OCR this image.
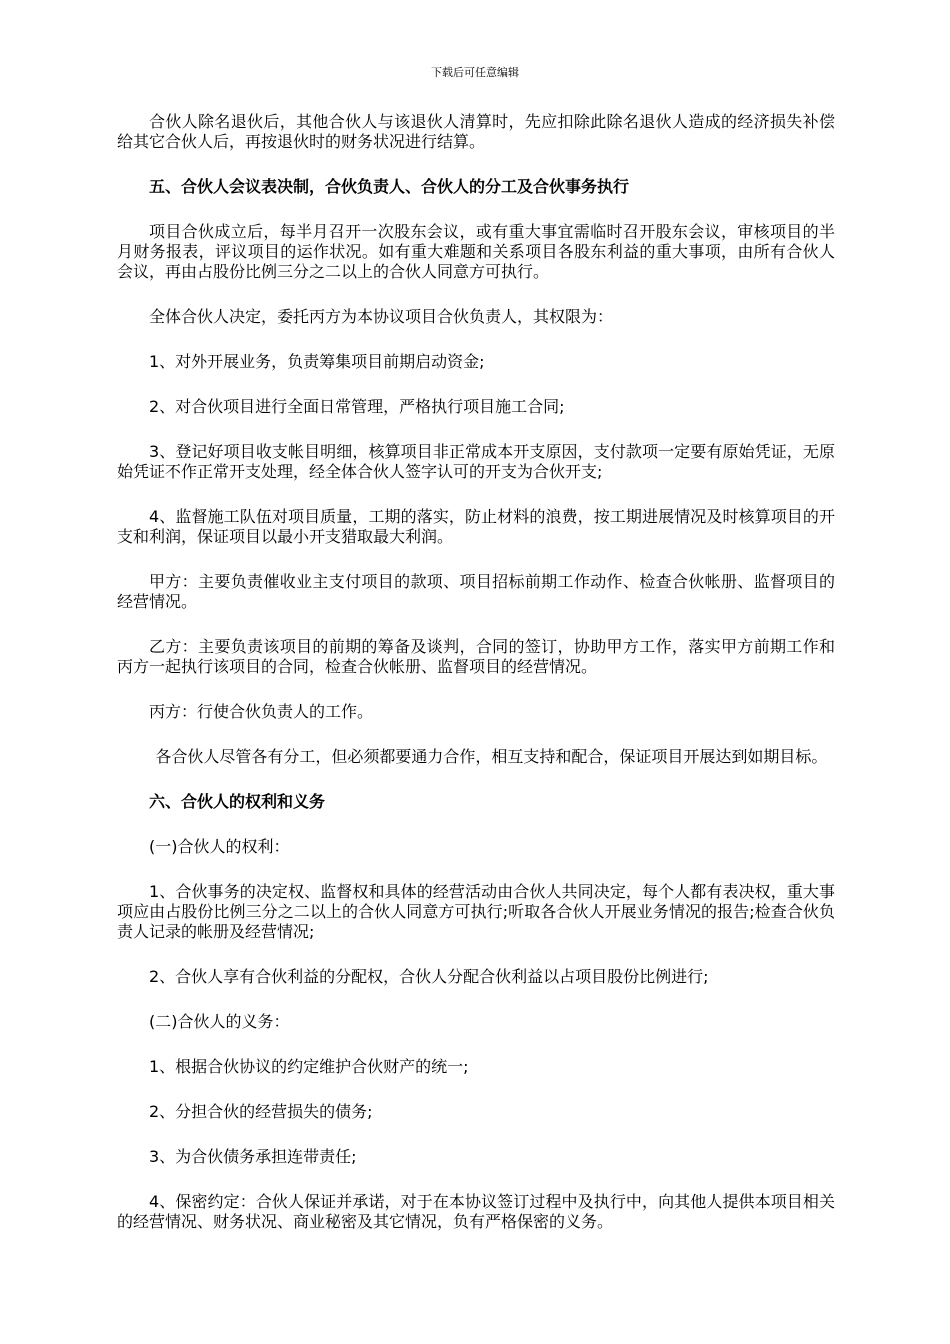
下载后可任意编辑

合伙人除名退伙后，其他合伙人与该退伙人清算时，先应扣除此除名退伙人造成的经济损失补偿给其它合伙人后，再按退伙时的财务状况进行结算。

五、合伙人会议表决制，合伙负责人、合伙人的分工及合伙事务执行

项目合伙成立后，每半月召开一次股东会议，或有重大事宜需临时召开股东会议，审核项目的半月财务报表，评议项目的运作状况。如有重大难题和关系项目各股东利益的重大事项，由所有合伙人会议，再由占股份比例三分之二以上的合伙人同意方可执行。

全体合伙人决定，委托丙方为本协议项目合伙负责人，其权限为：

1、对外开展业务，负责筹集项目前期启动资金;

2、对合伙项目进行全面日常管理，严格执行项目施工合同;

3、登记好项目收支帐目明细，核算项目非正常成本开支原因，支付款项一定要有原始凭证，无原始凭证不作正常开支处理，经全体合伙人签字认可的开支为合伙开支;

4、监督施工队伍对项目质量，工期的落实，防止材料的浪费，按工期进展情况及时核算项目的开支和利润，保证项目以最小开支猎取最大利润。

甲方：主要负责催收业主支付项目的款项、项目招标前期工作动作、检查合伙帐册、监督项目的经营情况。

乙方：主要负责该项目的前期的筹备及谈判，合同的签订，协助甲方工作，落实甲方前期工作和丙方一起执行该项目的合同，检查合伙帐册、监督项目的经营情况。

丙方：行使合伙负责人的工作。

各合伙人尽管各有分工，但必须都要通力合作，相互支持和配合，保证项目开展达到如期目标。

六、合伙人的权利和义务

(一)合伙人的权利：

1、合伙事务的决定权、监督权和具体的经营活动由合伙人共同决定，每个人都有表决权，重大事项应由占股份比例三分之二以上的合伙人同意方可执行;听取各合伙人开展业务情况的报告;检查合伙负责人记录的帐册及经营情况;

2、合伙人享有合伙利益的分配权，合伙人分配合伙利益以占项目股份比例进行;

(二)合伙人的义务：

1、根据合伙协议的约定维护合伙财产的统一;

2、分担合伙的经营损失的债务;

3、为合伙债务承担连带责任;

4、保密约定：合伙人保证并承诺，对于在本协议签订过程中及执行中，向其他人提供本项目相关的经营情况、财务状况、商业秘密及其它情况，负有严格保密的义务。
